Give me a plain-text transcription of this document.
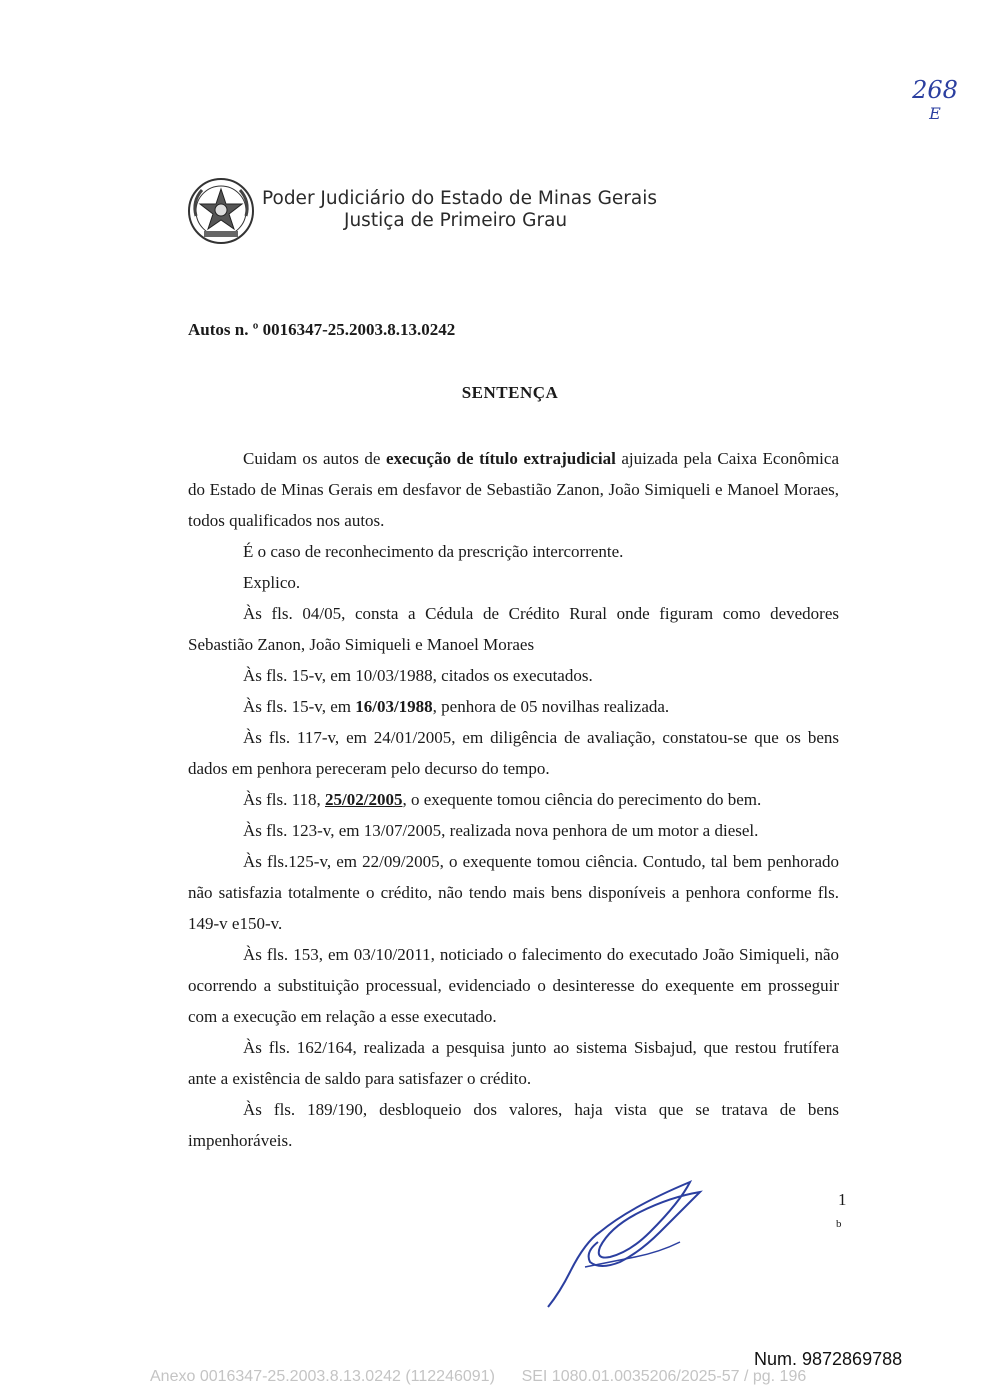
268
E
Poder Judiciário do Estado de Minas Gerais
Justiça de Primeiro Grau
Autos n. º 0016347-25.2003.8.13.0242
SENTENÇA

Cuidam os autos de execução de título extrajudicial ajuizada pela Caixa Econômica do Estado de Minas Gerais em desfavor de Sebastião Zanon, João Simiqueli e Manoel Moraes, todos qualificados nos autos.

É o caso de reconhecimento da prescrição intercorrente.

Explico.

Às fls. 04/05, consta a Cédula de Crédito Rural onde figuram como devedores Sebastião Zanon, João Simiqueli e Manoel Moraes

Às fls. 15-v, em 10/03/1988, citados os executados.

Às fls. 15-v, em 16/03/1988, penhora de 05 novilhas realizada.

Às fls. 117-v, em 24/01/2005, em diligência de avaliação, constatou-se que os bens dados em penhora pereceram pelo decurso do tempo.

Às fls. 118, 25/02/2005, o exequente tomou ciência do perecimento do bem.

Às fls. 123-v, em 13/07/2005, realizada nova penhora de um motor a diesel.

Às fls.125-v, em 22/09/2005, o exequente tomou ciência. Contudo, tal bem penhorado não satisfazia totalmente o crédito, não tendo mais bens disponíveis a penhora conforme fls. 149-v e150-v.

Às fls. 153, em 03/10/2011, noticiado o falecimento do executado João Simiqueli, não ocorrendo a substituição processual, evidenciado o desinteresse do exequente em prosseguir com a execução em relação a esse executado.

Às fls. 162/164, realizada a pesquisa junto ao sistema Sisbajud, que restou frutífera ante a existência de saldo para satisfazer o crédito.

Às fls. 189/190, desbloqueio dos valores, haja vista que se tratava de bens impenhoráveis.

1
b
Num. 9872869788
Anexo 0016347-25.2003.8.13.0242 (112246091) SEI 1080.01.0035206/2025-57 / pg. 196
